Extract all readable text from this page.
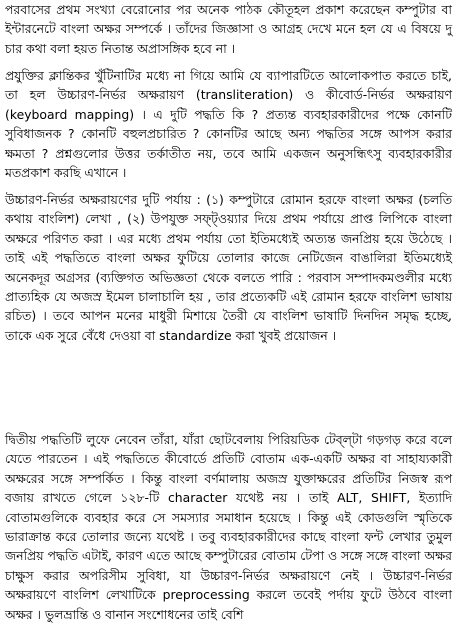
পরবাসের প্রথম সংখ্যা বেরোনোর পর অনেক পাঠক কৌতূহল প্রকাশ করেছেন কম্পুটার বা ইন্টারনেটে বাংলা অক্ষর সম্পর্কে । তাঁদের জিজ্ঞাসা ও আগ্রহ দেখে মনে হল যে এ বিষয়ে দু চার কথা বলা হয়ত নিতান্ত অপ্রাসঙ্গিক হবে না ।

প্রযুক্তির ক্লান্তিকর খুঁটিনাটির মধ্যে না গিয়ে আমি যে ব্যাপারটিতে আলোকপাত করতে চাই, তা হল উচ্চারণ-নির্ভর অক্ষরায়ণ (transliteration) ও কীবোর্ড-নির্ভর অক্ষরায়ণ (keyboard mapping) । এ দুটি পদ্ধতি কি ? প্রত্যন্ত ব্যবহারকারীদের পক্ষে কোনটি সুবিধাজনক ? কোনটি বহুলপ্রচারিত ? কোনটির আছে অন্য পদ্ধতির সঙ্গে আপস করার ক্ষমতা ? প্রশ্নগুলোর উত্তর তর্কাতীত নয়, তবে আমি একজন অনুসন্ধিৎসু ব্যবহারকারীর মতপ্রকাশ করছি এখানে ।

উচ্চারণ-নির্ভর অক্ষরায়ণের দুটি পর্যায় : (১) কম্পুটারে রোমান হরফে বাংলা অক্ষর (চলতি কথায় বাংলিশ) লেখা , (২) উপযুক্ত সফ্‌ট্‌ওয়্যার দিয়ে প্রথম পর্যায়ে প্রাপ্ত লিপিকে বাংলা অক্ষরে পরিণত করা । এর মধ্যে প্রথম পর্যায় তো ইতিমধ্যেই অত্যন্ত জনপ্রিয় হয়ে উঠেছে । তাই এই পদ্ধতিতে বাংলা অক্ষর ফুটিয়ে তোলার কাজে নেটিজেন বাঙালিরা ইতিমধ্যেই অনেকদূর অগ্রসর (ব্যক্তিগত অভিজ্ঞতা থেকে বলতে পারি : পরবাস সম্পাদকমণ্ডলীর মধ্যে প্রাত্যহিক যে অজস্র ইমেল চালাচালি হয় , তার প্রত্যেকটি এই রোমান হরফে বাংলিশ ভাষায় রচিত) । তবে আপন মনের মাধুরী মিশায়ে তৈরী যে বাংলিশ ভাষাটি দিনদিন সমৃদ্ধ হচ্ছে, তাকে এক সুরে বেঁধে দেওয়া বা standardize করা খুবই প্রয়োজন ।

দ্বিতীয় পদ্ধতিটি লুফে নেবেন তাঁরা, যাঁরা ছোটবেলায় পিরিয়ডিক টেব্‌ল্‌টা গড়গড় করে বলে যেতে পারতেন । এই পদ্ধতিতে কীবোর্ডে প্রতিটি বোতাম এক-একটি অক্ষর বা সাহায্যকারী অক্ষরের সঙ্গে সম্পর্কিত । কিন্তু বাংলা বর্ণমালায় অজস্র যুক্তাক্ষরের প্রতিটির নিজস্ব রূপ বজায় রাখতে গেলে ১২৮-টি character যথেষ্ট নয় । তাই ALT, SHIFT, ইত্যাদি বোতামগুলিকে ব্যবহার করে সে সমস্যার সমাধান হয়েছে । কিন্তু এই কোডগুলি স্মৃতিকে ভারাক্রান্ত করে তোলার জন্যে যথেষ্ট । তবু ব্যবহারকারীদের কাছে বাংলা ফন্ট লেখার তুমুল জনপ্রিয় পদ্ধতি এটাই, কারণ এতে আছে কম্পুটারের বোতাম টেপা ও সঙ্গে সঙ্গে বাংলা অক্ষর চাক্ষুস করার অপরিসীম সুবিধা, যা উচ্চারণ-নির্ভর অক্ষরায়ণে নেই । উচ্চারণ-নির্ভর অক্ষরায়ণে বাংলিশ লেখাটিকে preprocessing করলে তবেই পর্দায় ফুটে উঠবে বাংলা অক্ষর । ভুলভ্রান্তি ও বানান সংশোধনের তাই বেশি
